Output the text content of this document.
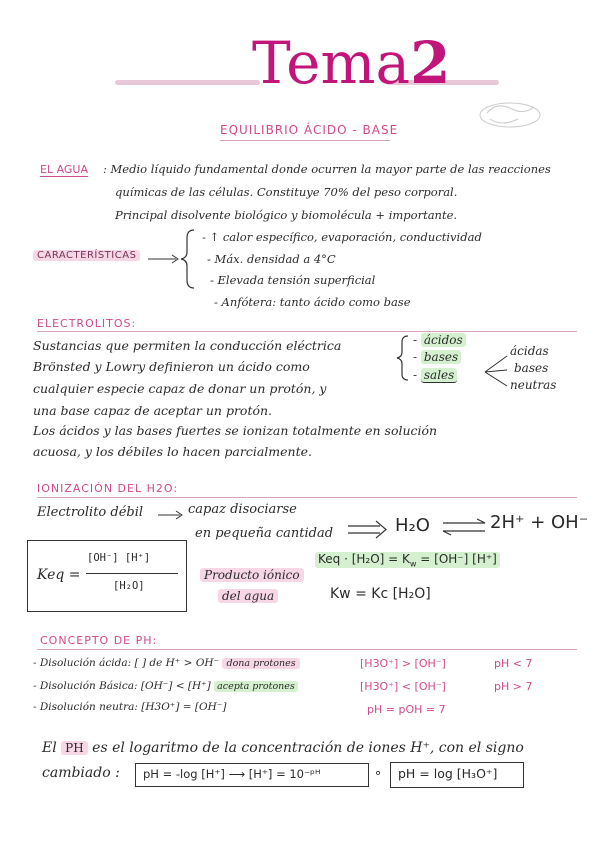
Tema2
EQUILIBRIO ÁCIDO - BASE
EL AGUA : Medio líquido fundamental donde ocurren la mayor parte de las reacciones
químicas de las células. Constituye 70% del peso corporal.
Principal disolvente biológico y biomolécula + importante.
CARACTERÍSTICAS
- ↑ calor específico, evaporación, conductividad
- Máx. densidad a 4°C
- Elevada tensión superficial
- Anfótera: tanto ácido como base
ELECTROLITOS:
Sustancias que permiten la conducción eléctrica
Brönsted y Lowry definieron un ácido como
cualquier especie capaz de donar un protón, y
una base capaz de aceptar un protón.
Los ácidos y las bases fuertes se ionizan totalmente en solución
acuosa, y los débiles lo hacen parcialmente.
- ácidos
- bases
- sales
ácidas
bases
neutras
IONIZACIÓN DEL H2O:
Electrolito débil	capaz disociarse
en pequeña cantidad	H₂O ⇌ 2H⁺ + OH⁻
Keq =
[OH⁻] [H⁺]
[H₂O]
Producto iónico
del agua
Keq · $[H_2O] = K_w = [OH^-]$ [H⁺]
Kw = Kc [H₂O]
CONCEPTO DE PH:
- Disolución ácida: [ ] de H⁺ > OH⁻ dona protones	[H3O⁺] > [OH⁻]	pH < 7
- Disolución Básica: [OH⁻] < [H⁺] acepta protones	[H3O⁺] < [OH⁻]	pH > 7
- Disolución neutra: [H3O⁺] = [OH⁻]	pH = pOH = 7
El PH es el logaritmo de la concentración de iones H⁺, con el signo
cambiado : pH = -log [H⁺] ⟶ [H⁺] = 10⁻ᵖᴴ	∘ pH = log [H₃O⁺]
